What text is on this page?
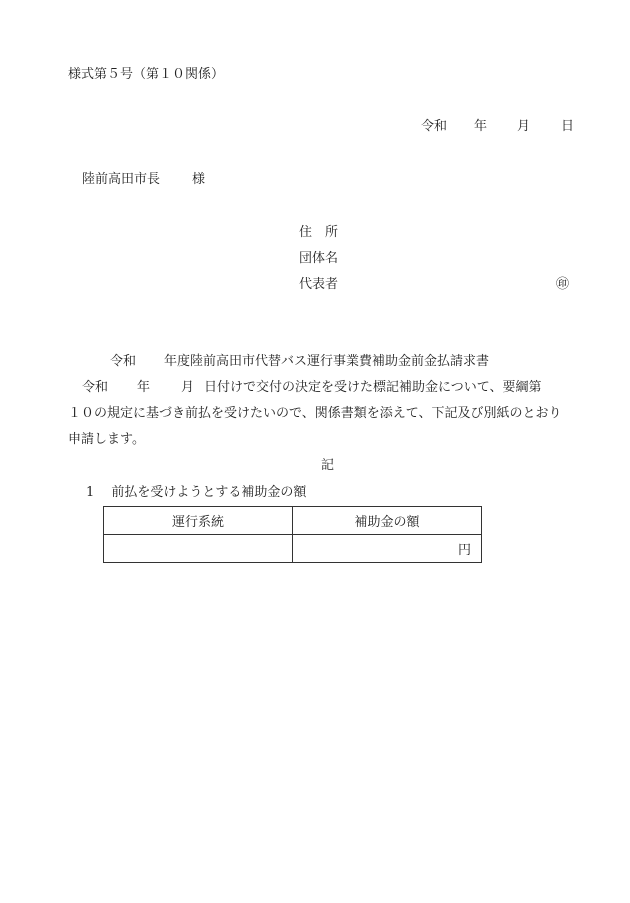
様式第５号（第１０関係）
令和 年 月 日
陸前高田市長 様
住　所
団体名
代表者	㊞
令和 年度陸前高田市代替バス運行事業費補助金前金払請求書
令和 年 月 日付けで交付の決定を受けた標記補助金について、要綱第
１０の規定に基づき前払を受けたいので、関係書類を添えて、下記及び別紙のとおり
申請します。
記
1　 前払を受けようとする補助金の額
運行系統	補助金の額
	円
